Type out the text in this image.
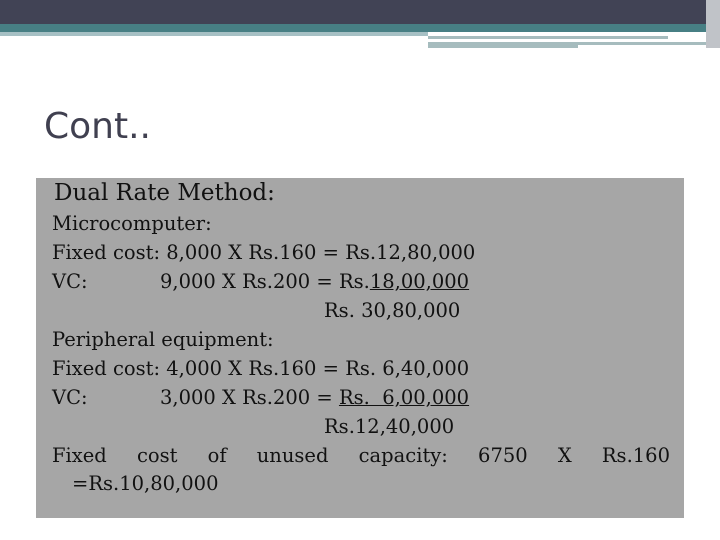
Cont..
Dual Rate Method:
Microcomputer:
Fixed cost: 8,000 X Rs.160 = Rs.12,80,000
VC:	9,000 X Rs.200 = Rs.18,00,000
Rs. 30,80,000
Peripheral equipment:
Fixed cost: 4,000 X Rs.160 = Rs. 6,40,000
VC:	3,000 X Rs.200 = Rs.  6,00,000
Rs.12,40,000
Fixed cost of unused capacity: 6750 X Rs.160
=Rs.10,80,000
